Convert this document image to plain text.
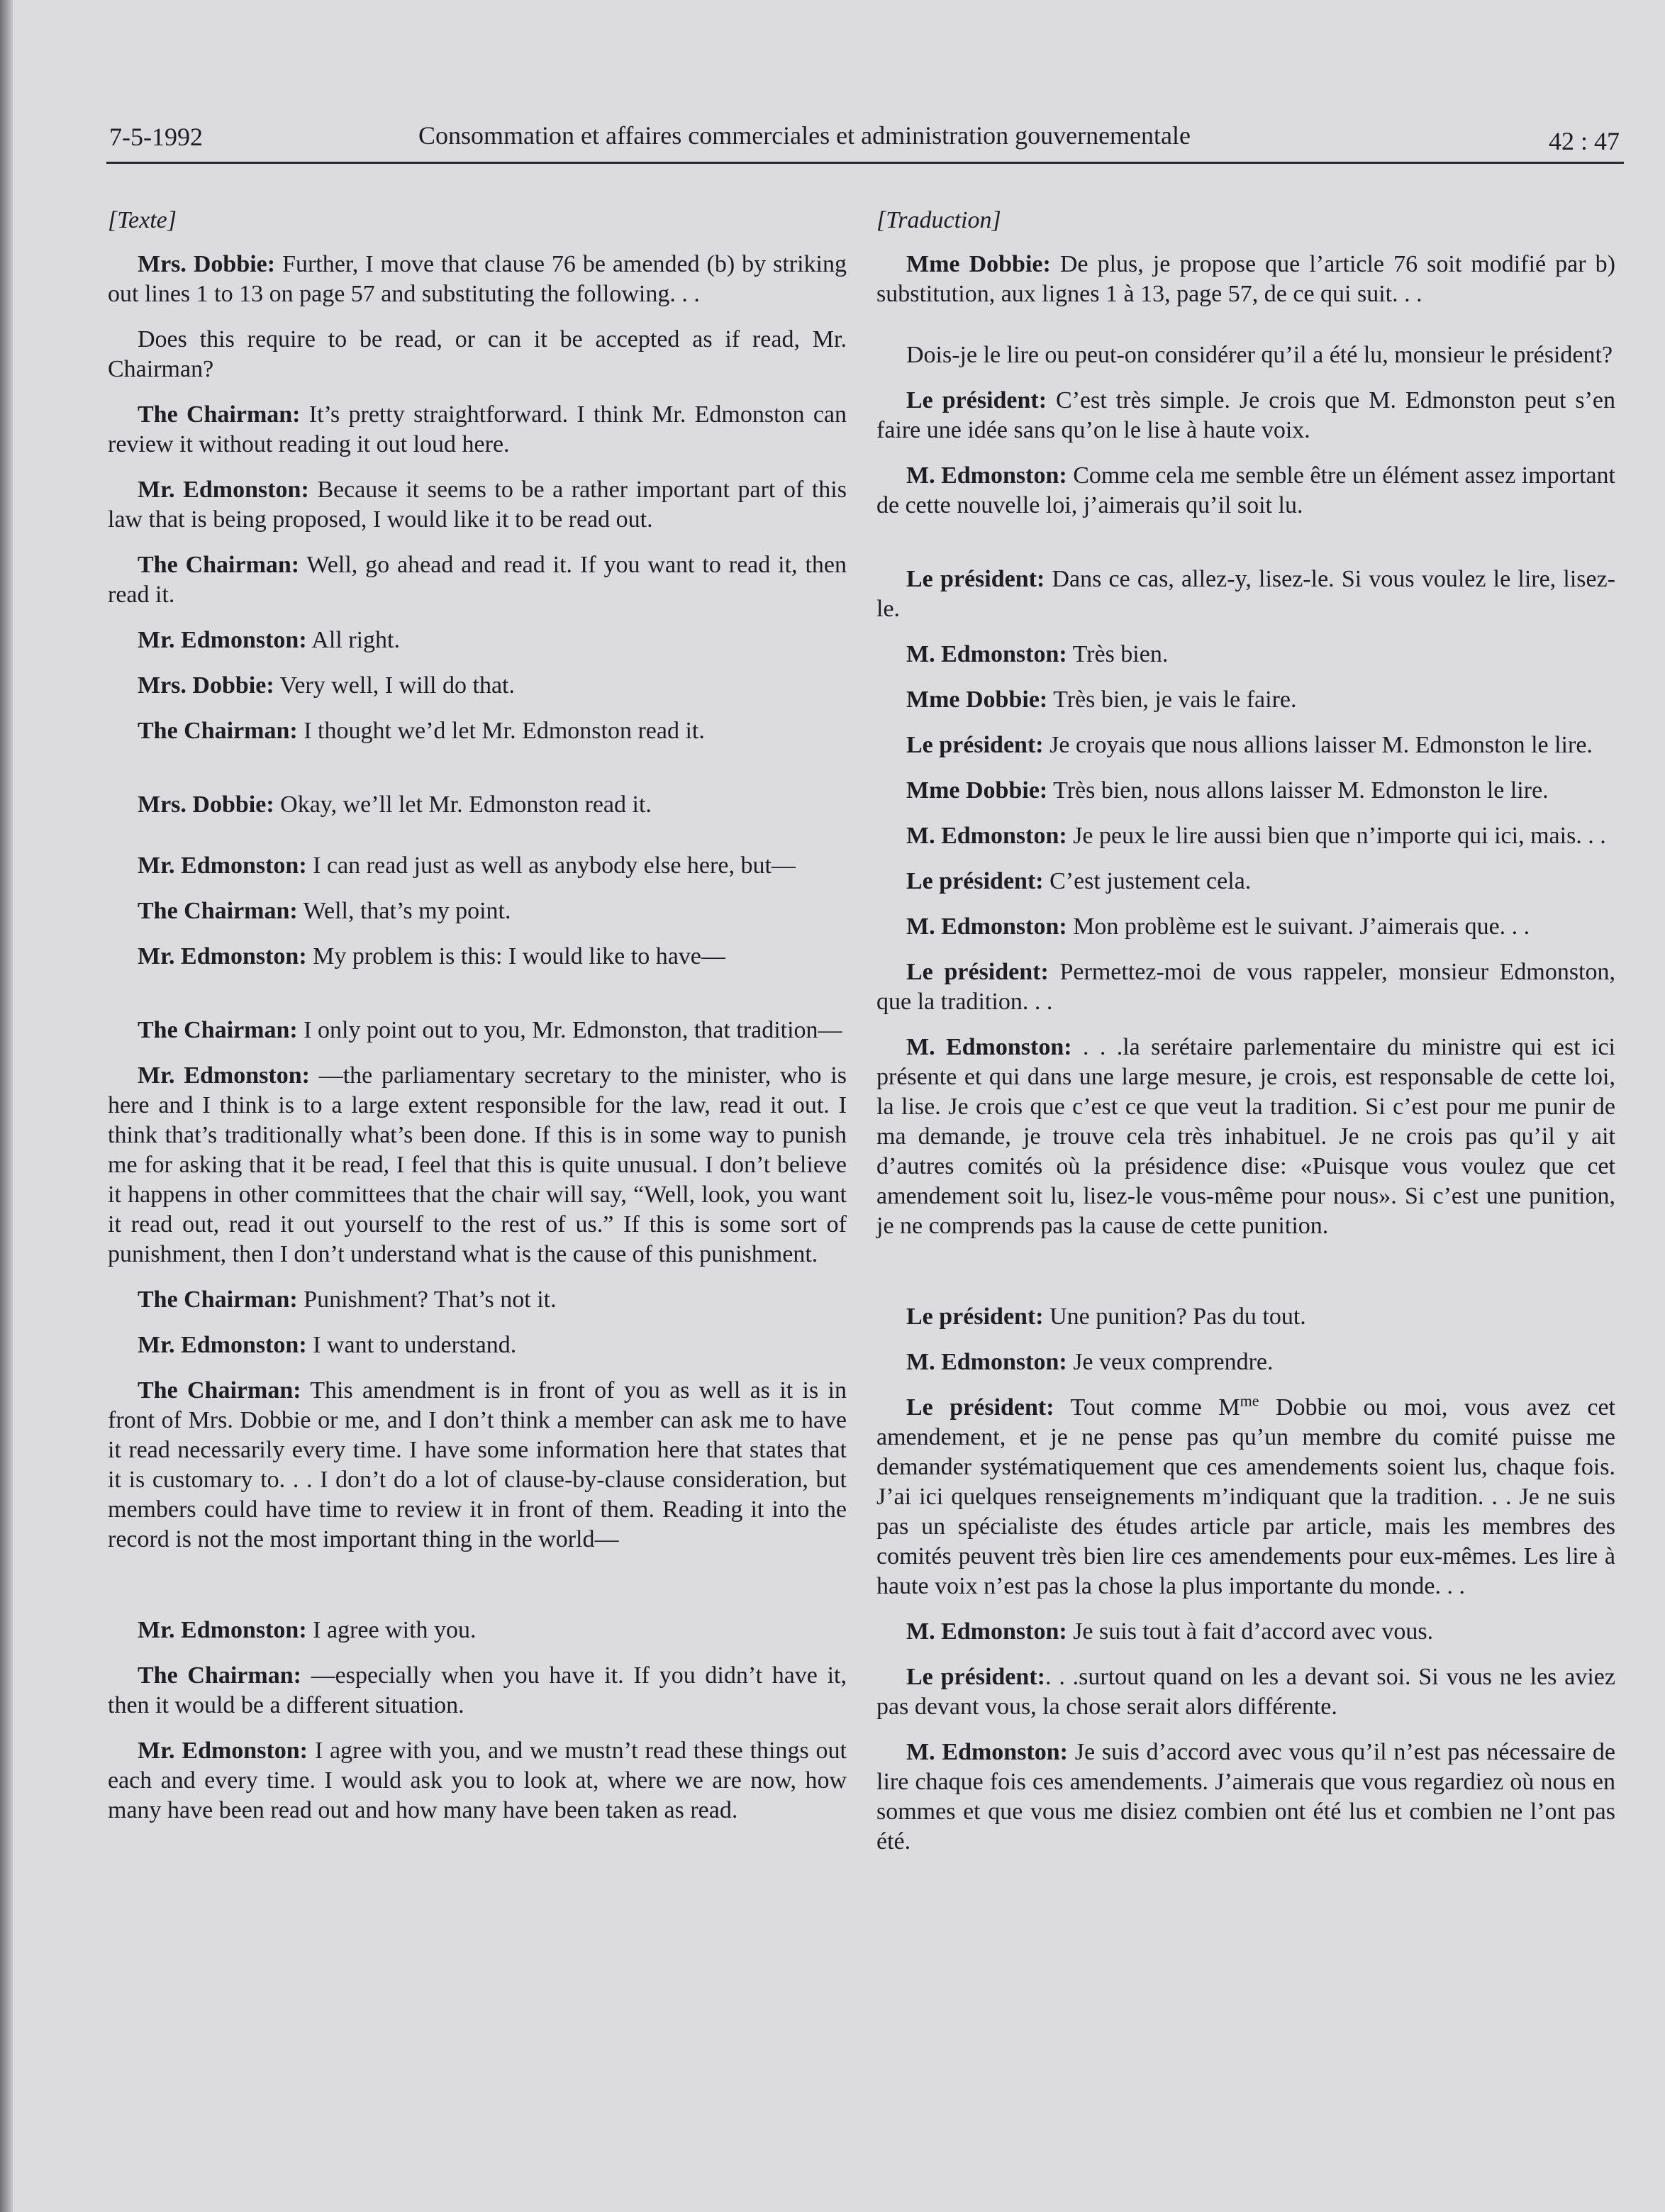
7-5-1992	Consommation et affaires commerciales et administration gouvernementale	42 : 47

[Texte]

Mrs. Dobbie: Further, I move that clause 76 be amended (b) by striking out lines 1 to 13 on page 57 and substituting the following. . .

Does this require to be read, or can it be accepted as if read, Mr. Chairman?

The Chairman: It’s pretty straightforward. I think Mr. Edmonston can review it without reading it out loud here.

Mr. Edmonston: Because it seems to be a rather important part of this law that is being proposed, I would like it to be read out.

The Chairman: Well, go ahead and read it. If you want to read it, then read it.

Mr. Edmonston: All right.

Mrs. Dobbie: Very well, I will do that.

The Chairman: I thought we’d let Mr. Edmonston read it.

Mrs. Dobbie: Okay, we’ll let Mr. Edmonston read it.

Mr. Edmonston: I can read just as well as anybody else here, but—

The Chairman: Well, that’s my point.

Mr. Edmonston: My problem is this: I would like to have—

The Chairman: I only point out to you, Mr. Edmonston, that tradition—

Mr. Edmonston: —the parliamentary secretary to the minister, who is here and I think is to a large extent responsible for the law, read it out. I think that’s traditionally what’s been done. If this is in some way to punish me for asking that it be read, I feel that this is quite unusual. I don’t believe it happens in other committees that the chair will say, “Well, look, you want it read out, read it out yourself to the rest of us.” If this is some sort of punishment, then I don’t understand what is the cause of this punishment.

The Chairman: Punishment? That’s not it.

Mr. Edmonston: I want to understand.

The Chairman: This amendment is in front of you as well as it is in front of Mrs. Dobbie or me, and I don’t think a member can ask me to have it read necessarily every time. I have some information here that states that it is customary to. . . I don’t do a lot of clause-by-clause consideration, but members could have time to review it in front of them. Reading it into the record is not the most important thing in the world—

Mr. Edmonston: I agree with you.

The Chairman: —especially when you have it. If you didn’t have it, then it would be a different situation.

Mr. Edmonston: I agree with you, and we mustn’t read these things out each and every time. I would ask you to look at, where we are now, how many have been read out and how many have been taken as read.

[Traduction]

Mme Dobbie: De plus, je propose que l’article 76 soit modifié par b) substitution, aux lignes 1 à 13, page 57, de ce qui suit. . .

Dois-je le lire ou peut-on considérer qu’il a été lu, monsieur le président?

Le président: C’est très simple. Je crois que M. Edmonston peut s’en faire une idée sans qu’on le lise à haute voix.

M. Edmonston: Comme cela me semble être un élément assez important de cette nouvelle loi, j’aimerais qu’il soit lu.

Le président: Dans ce cas, allez-y, lisez-le. Si vous voulez le lire, lisez-le.

M. Edmonston: Très bien.

Mme Dobbie: Très bien, je vais le faire.

Le président: Je croyais que nous allions laisser M. Edmonston le lire.

Mme Dobbie: Très bien, nous allons laisser M. Edmonston le lire.

M. Edmonston: Je peux le lire aussi bien que n’importe qui ici, mais. . .

Le président: C’est justement cela.

M. Edmonston: Mon problème est le suivant. J’aimerais que. . .

Le président: Permettez-moi de vous rappeler, monsieur Edmonston, que la tradition. . .

M. Edmonston: . . .la serétaire parlementaire du ministre qui est ici présente et qui dans une large mesure, je crois, est responsable de cette loi, la lise. Je crois que c’est ce que veut la tradition. Si c’est pour me punir de ma demande, je trouve cela très inhabituel. Je ne crois pas qu’il y ait d’autres comités où la présidence dise: «Puisque vous voulez que cet amendement soit lu, lisez-le vous-même pour nous». Si c’est une punition, je ne comprends pas la cause de cette punition.

Le président: Une punition? Pas du tout.

M. Edmonston: Je veux comprendre.

Le président: Tout comme $M^{me}$ Dobbie ou moi, vous avez cet amendement, et je ne pense pas qu’un membre du comité puisse me demander systématiquement que ces amendements soient lus, chaque fois. J’ai ici quelques renseignements m’indiquant que la tradition. . . Je ne suis pas un spécialiste des études article par article, mais les membres des comités peuvent très bien lire ces amendements pour eux-mêmes. Les lire à haute voix n’est pas la chose la plus importante du monde. . .

M. Edmonston: Je suis tout à fait d’accord avec vous.

Le président:. . .surtout quand on les a devant soi. Si vous ne les aviez pas devant vous, la chose serait alors différente.

M. Edmonston: Je suis d’accord avec vous qu’il n’est pas nécessaire de lire chaque fois ces amendements. J’aimerais que vous regardiez où nous en sommes et que vous me disiez combien ont été lus et combien ne l’ont pas été.
